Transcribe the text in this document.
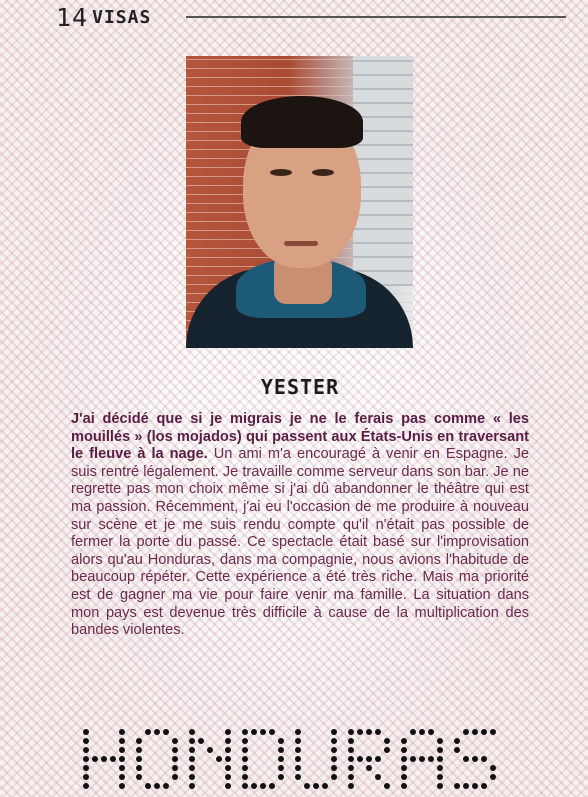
14 VISAS
YESTER

J'ai décidé que si je migrais je ne le ferais pas comme « les mouillés » (los mojados) qui passent aux États-Unis en traversant le fleuve à la nage. Un ami m'a encouragé à venir en Espagne. Je suis rentré légalement. Je travaille comme serveur dans son bar. Je ne regrette pas mon choix même si j'ai dû abandonner le théâtre qui est ma passion. Récemment, j'ai eu l'occasion de me produire à nouveau sur scène et je me suis rendu compte qu'il n'était pas possible de fermer la porte du passé. Ce spectacle était basé sur l'improvisation alors qu'au Honduras, dans ma compagnie, nous avions l'habitude de beaucoup répéter. Cette expérience a été très riche. Mais ma priorité est de gagner ma vie pour faire venir ma famille. La situation dans mon pays est devenue très difficile à cause de la multiplication des bandes violentes.
